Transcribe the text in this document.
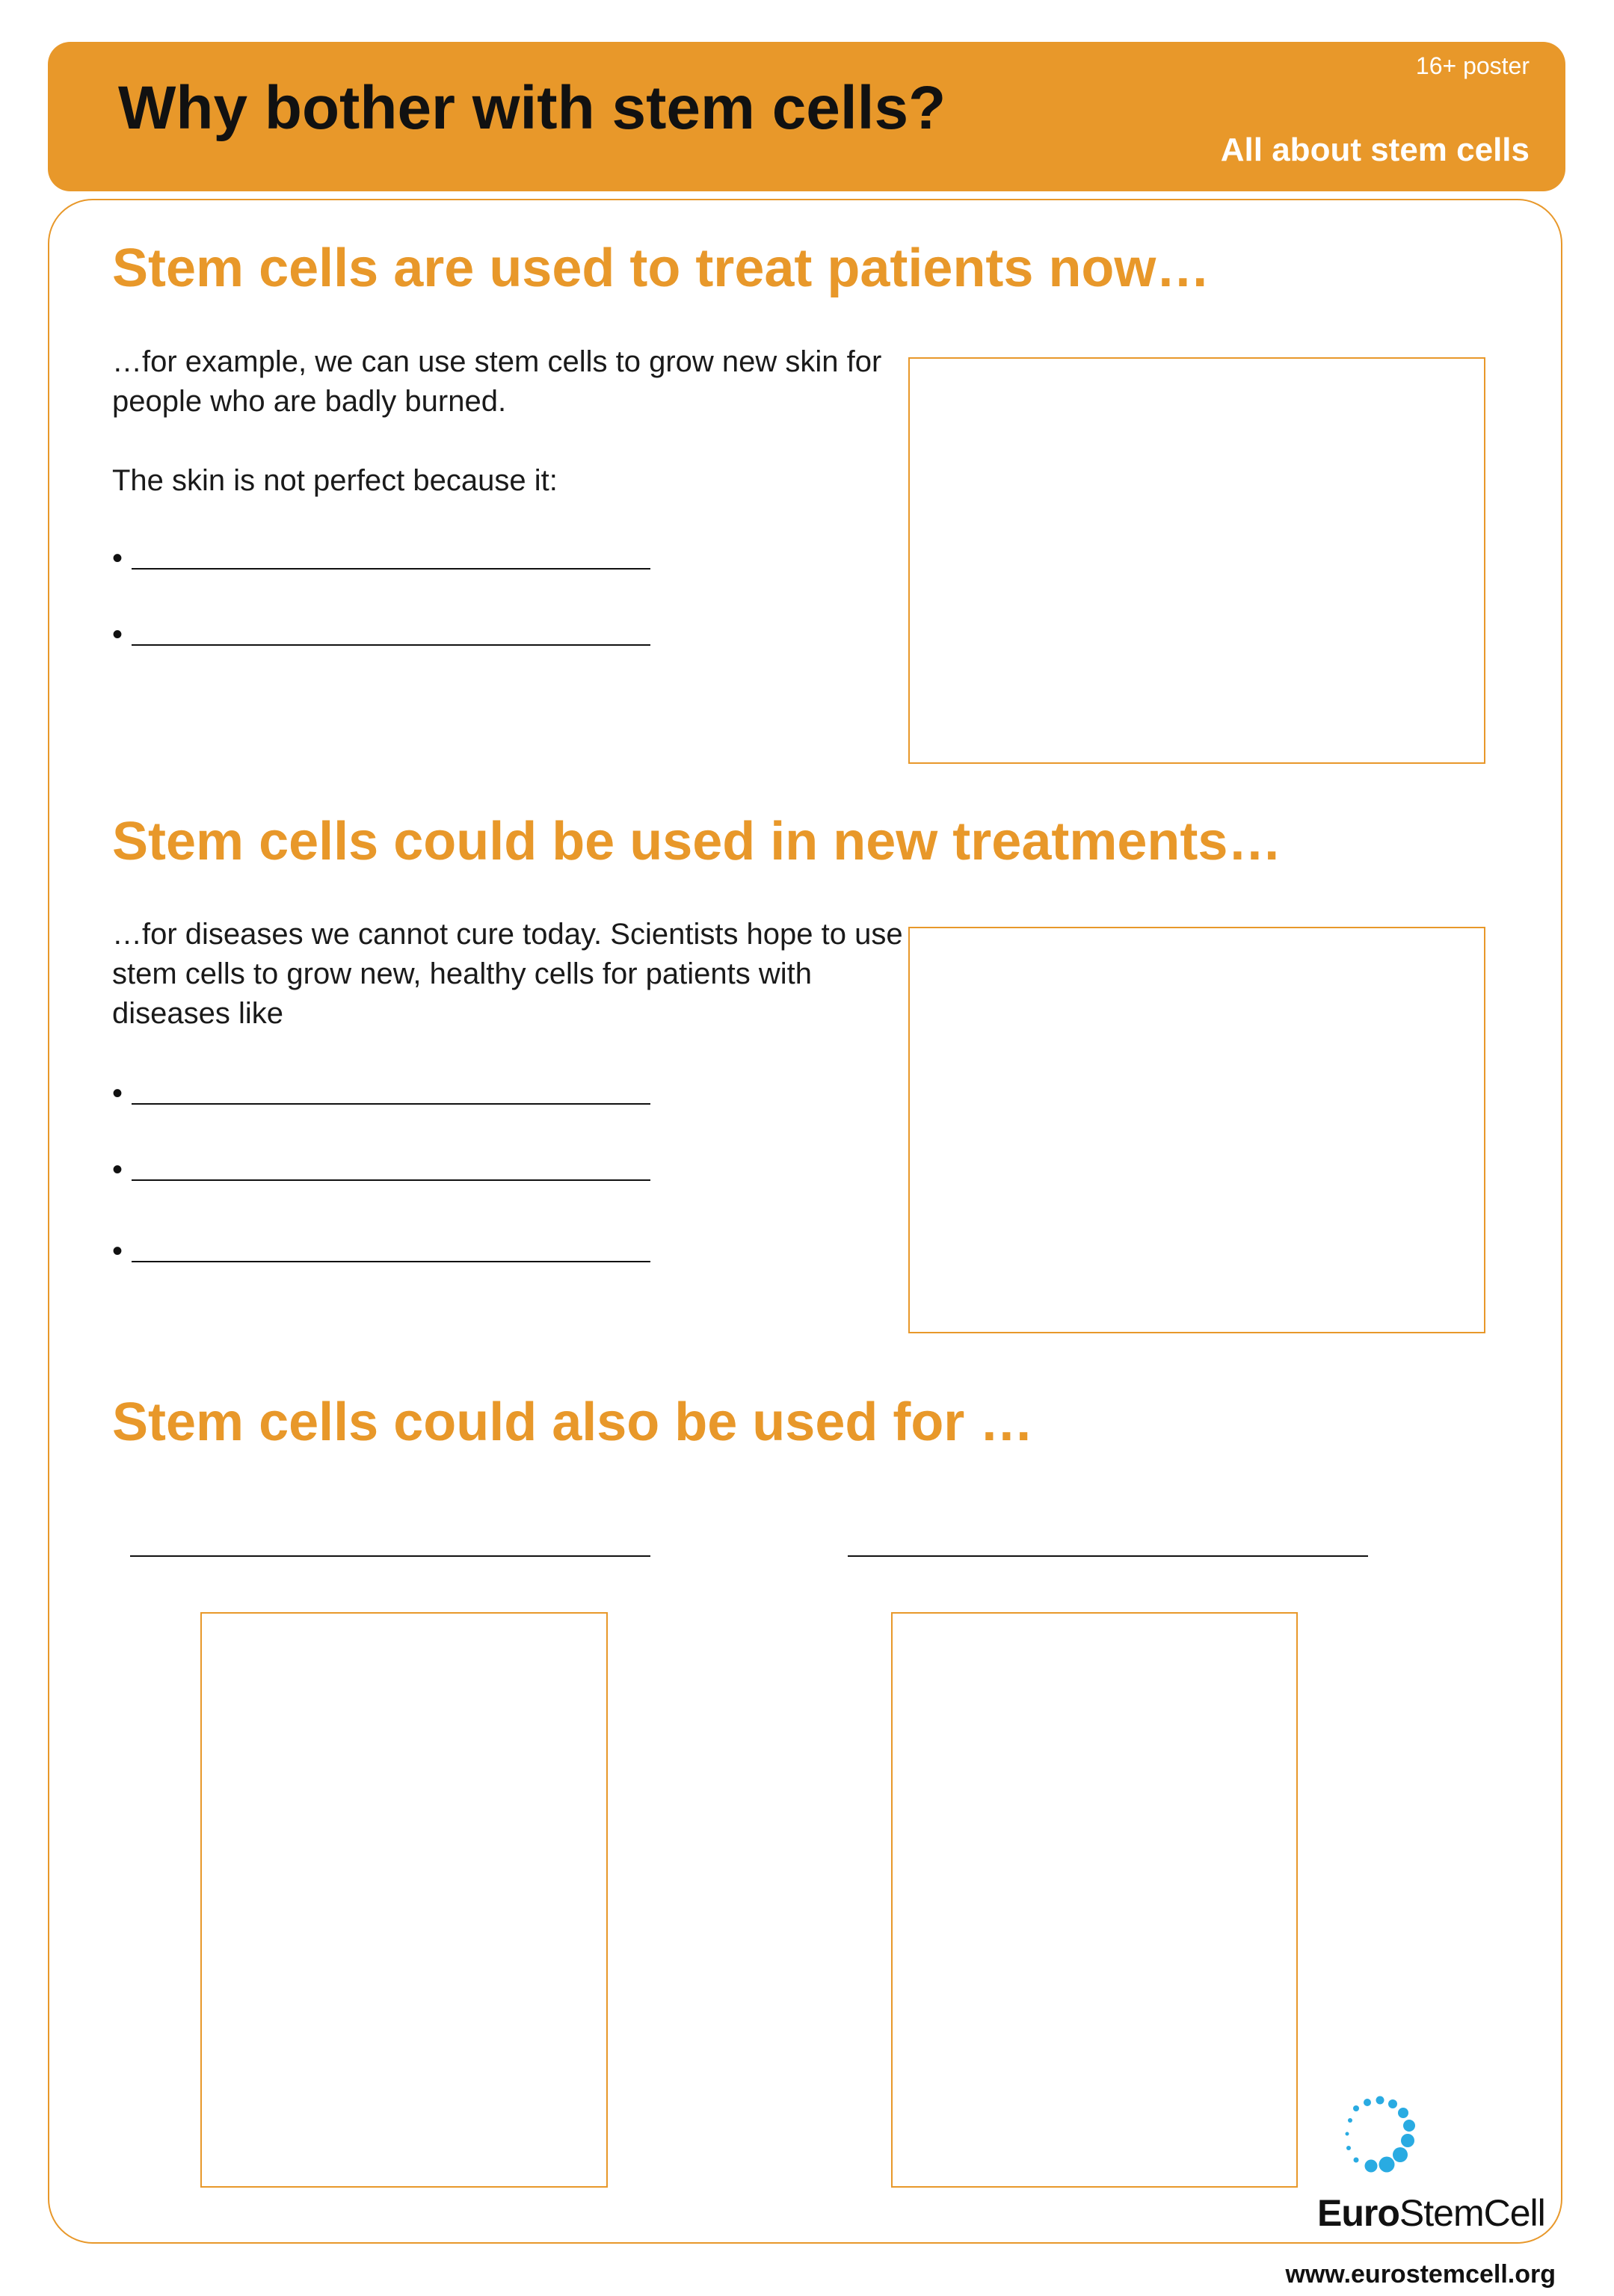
Why bother with stem cells?
16+ poster
All about stem cells
Stem cells are used to treat patients now…
…for example, we can use stem cells to grow new skin for people who are badly burned.
The skin is not perfect because it:
•
•
Stem cells could be used in new treatments…
…for diseases we cannot cure today. Scientists hope to use stem cells to grow new, healthy cells for patients with diseases like
•
•
•
Stem cells could also be used for …
EuroStemCell
www.eurostemcell.org
